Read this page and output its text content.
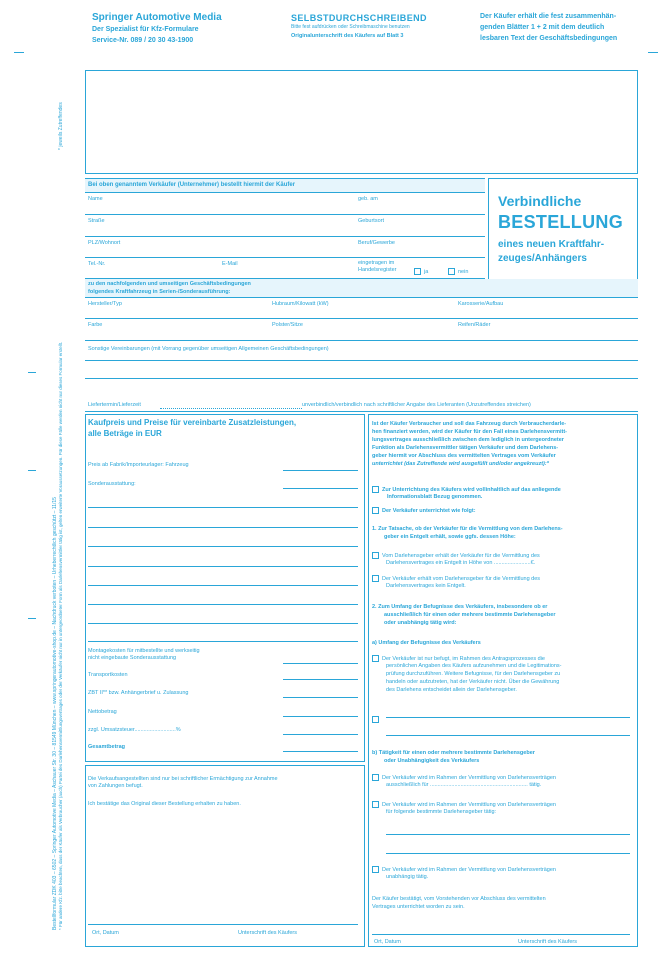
Springer Automotive Media
Der Spezialist für Kfz-Formulare
Service-Nr. 089 / 20 30 43-1900
SELBSTDURCHSCHREIBEND
Bitte fest aufdrücken oder Schreibmaschine benutzen
Originalunterschrift des Käufers auf Blatt 3
Der Käufer erhält die fest zusammenhän-
genden Blätter 1 + 2 mit dem deutlich
lesbaren Text der Geschäftsbedingungen
* jeweils Zutreffendes
Bestellformular ZDK 403 – 6502 – Springer Automotive Media – Aschauer Str. 30 – 81549 München – www.springerautomotive-shop.de – Nachdruck verboten – Urheberrechtlich geschützt – 11/15 * Für andere Kfz. bitte beachten, dass der Käufer als Verbraucher (auch) Partei des Darlehensvermittlungsvertrages oder der Verkäufer nicht nur in untergeordneter Form als Darlehensvermittler tätig ist, gelten erweiterte Voraussetzungen. Für diese Fälle werden nicht nur dieses Formular erstellt.
Verbindliche
BESTELLUNG
eines neuen Kraftfahr-
zeuges/Anhängers
Bei oben genanntem Verkäufer (Unternehmer) bestellt hiermit der Käufer
Name	geb. am
Straße	Geburtsort
PLZ/Wohnort	Beruf/Gewerbe
Tel.-Nr.	E-Mail	eingetragen im Handelsregister	ja	nein
zu den nachfolgenden und umseitigen Geschäftsbedingungen
folgendes Kraftfahrzeug in Serien-/Sonderausführung:
Hersteller/Typ	Hubraum/Kilowatt (kW)	Karosserie/Aufbau
Farbe	Polster/Sitze	Reifen/Räder
Sonstige Vereinbarungen (mit Vorrang gegenüber umseitigen Allgemeinen Geschäftsbedingungen)
Liefertermin/Lieferzeit	unverbindlich/verbindlich nach schriftlicher Angabe des Lieferanten (Unzutreffendes streichen)
Kaufpreis und Preise für vereinbarte Zusatzleistungen,
alle Beträge in EUR
Preis ab Fabrik/Importeurlager: Fahrzeug
Sonderausstattung:
Montagekosten für mitbestellte und werkseitig
nicht eingebaute Sonderausstattung
Transportkosten
ZBT II** bzw. Anhängerbrief u. Zulassung
Nettobetrag
zzgl. Umsatzsteuer...........................%
Gesamtbetrag
Die Verkaufsangestellten sind nur bei schriftlicher Ermächtigung zur Annahme
von Zahlungen befugt.
Ich bestätige das Original dieser Bestellung erhalten zu haben.
Ort, Datum	Unterschrift des Käufers
Ist der Käufer Verbraucher und soll das Fahrzeug durch Verbraucherdarle-
hen finanziert werden, wird der Käufer für den Fall eines Darlehensvermitt-
lungsvertrages ausschließlich zwischen dem lediglich in untergeordneter
Funktion als Darlehensvermittler tätigen Verkäufer und dem Darlehens-
geber hiermit vor Abschluss des vermittelten Vertrages vom Verkäufer
unterrichtet (das Zutreffende wird ausgefüllt und/oder angekreuzt):*
Zur Unterrichtung des Käufers wird vollinhaltlich auf das anliegende
Informationsblatt Bezug genommen.
Der Verkäufer unterrichtet wie folgt:
1. Zur Tatsache, ob der Verkäufer für die Vermittlung von dem Darlehens-
geber ein Entgelt erhält, sowie ggfs. dessen Höhe:
Vom Darlehensgeber erhält der Verkäufer für die Vermittlung des
Darlehensvertrages ein Entgelt in Höhe von ........................€.
Der Verkäufer erhält vom Darlehensgeber für die Vermittlung des
Darlehensvertrages kein Entgelt.
2. Zum Umfang der Befugnisse des Verkäufers, insbesondere ob er
ausschließlich für einen oder mehrere bestimmte Darlehensgeber
oder unabhängig tätig wird:
a) Umfang der Befugnisse des Verkäufers
Der Verkäufer ist nur befugt, im Rahmen des Antragsprozesses die
persönlichen Angaben des Käufers aufzunehmen und die Legitimations-
prüfung durchzuführen. Weitere Befugnisse, für den Darlehensgeber zu
handeln oder aufzutreten, hat der Verkäufer nicht. Über die Gewährung
des Darlehens entscheidet allein der Darlehensgeber.
b) Tätigkeit für einen oder mehrere bestimmte Darlehensgeber
oder Unabhängigkeit des Verkäufers
Der Verkäufer wird im Rahmen der Vermittlung von Darlehensverträgen
ausschließlich für ................................................................ tätig.
Der Verkäufer wird im Rahmen der Vermittlung von Darlehensverträgen
für folgende bestimmte Darlehensgeber tätig:
Der Verkäufer wird im Rahmen der Vermittlung von Darlehensverträgen
unabhängig tätig.
Der Käufer bestätigt, vom Vorstehenden vor Abschluss des vermittelten
Vertrages unterrichtet worden zu sein.
Ort, Datum	Unterschrift des Käufers
